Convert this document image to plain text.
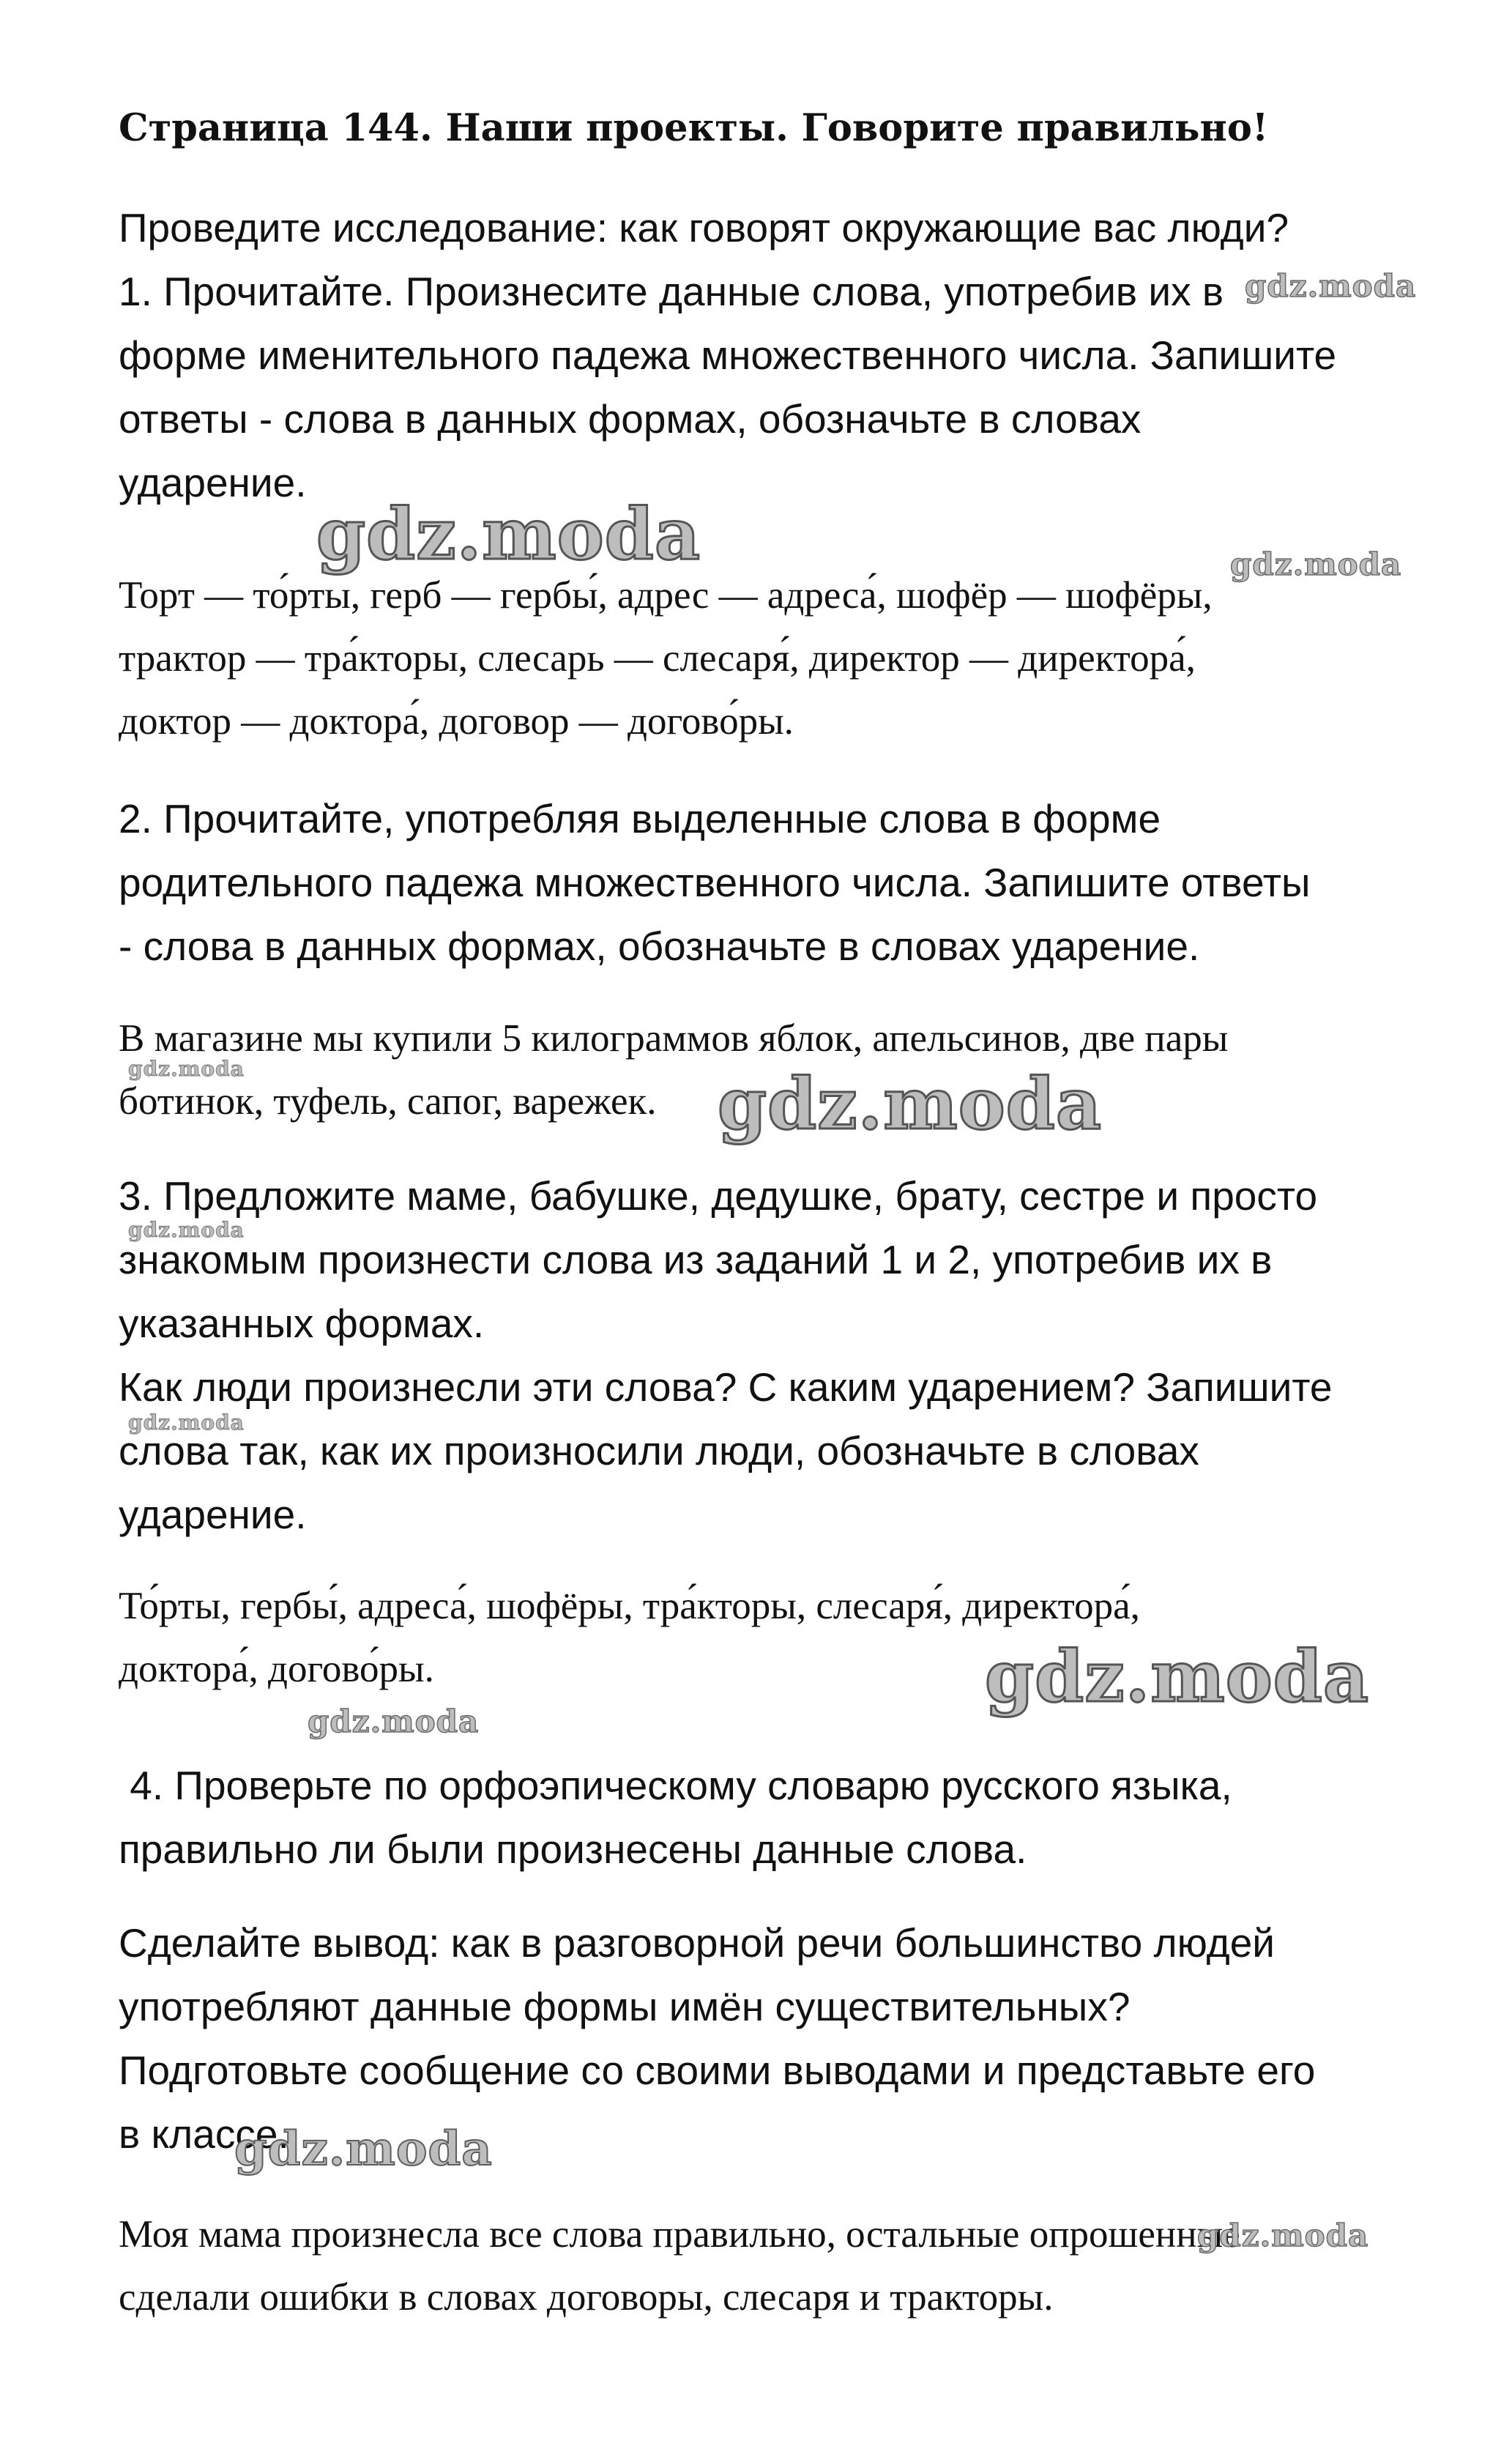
Страница 144. Наши проекты. Говорите правильно!
Проведите исследование: как говорят окружающие вас люди?
1. Прочитайте. Произнесите данные слова, употребив их в
форме именительного падежа множественного числа. Запишите
ответы - слова в данных формах, обозначьте в словах
ударение.
Торт — то́рты, герб — гербы́, адрес — адреса́, шофёр — шофёры,
трактор — тра́кторы, слесарь — слесаря́, директор — директора́,
доктор — доктора́, договор — догово́ры.
2. Прочитайте, употребляя выделенные слова в форме
родительного падежа множественного числа. Запишите ответы
- слова в данных формах, обозначьте в словах ударение.
В магазине мы купили 5 килограммов яблок, апельсинов, две пары
ботинок, туфель, сапог, варежек.
3. Предложите маме, бабушке, дедушке, брату, сестре и просто
знакомым произнести слова из заданий 1 и 2, употребив их в
указанных формах.
Как люди произнесли эти слова? С каким ударением? Запишите
слова так, как их произносили люди, обозначьте в словах
ударение.
То́рты, гербы́, адреса́, шофёры, тра́кторы, слесаря́, директора́,
доктора́, догово́ры.
4. Проверьте по орфоэпическому словарю русского языка,
правильно ли были произнесены данные слова.
Сделайте вывод: как в разговорной речи большинство людей
употребляют данные формы имён существительных?
Подготовьте сообщение со своими выводами и представьте его
в классе.
Моя мама произнесла все слова правильно, остальные опрошенные
сделали ошибки в словах договоры, слесаря и тракторы.
gdz.moda
gdz.moda	gdz.moda
gdz.moda	gdz.moda
gdz.moda
gdz.moda
gdz.moda
gdz.moda
gdz.moda
gdz.moda
